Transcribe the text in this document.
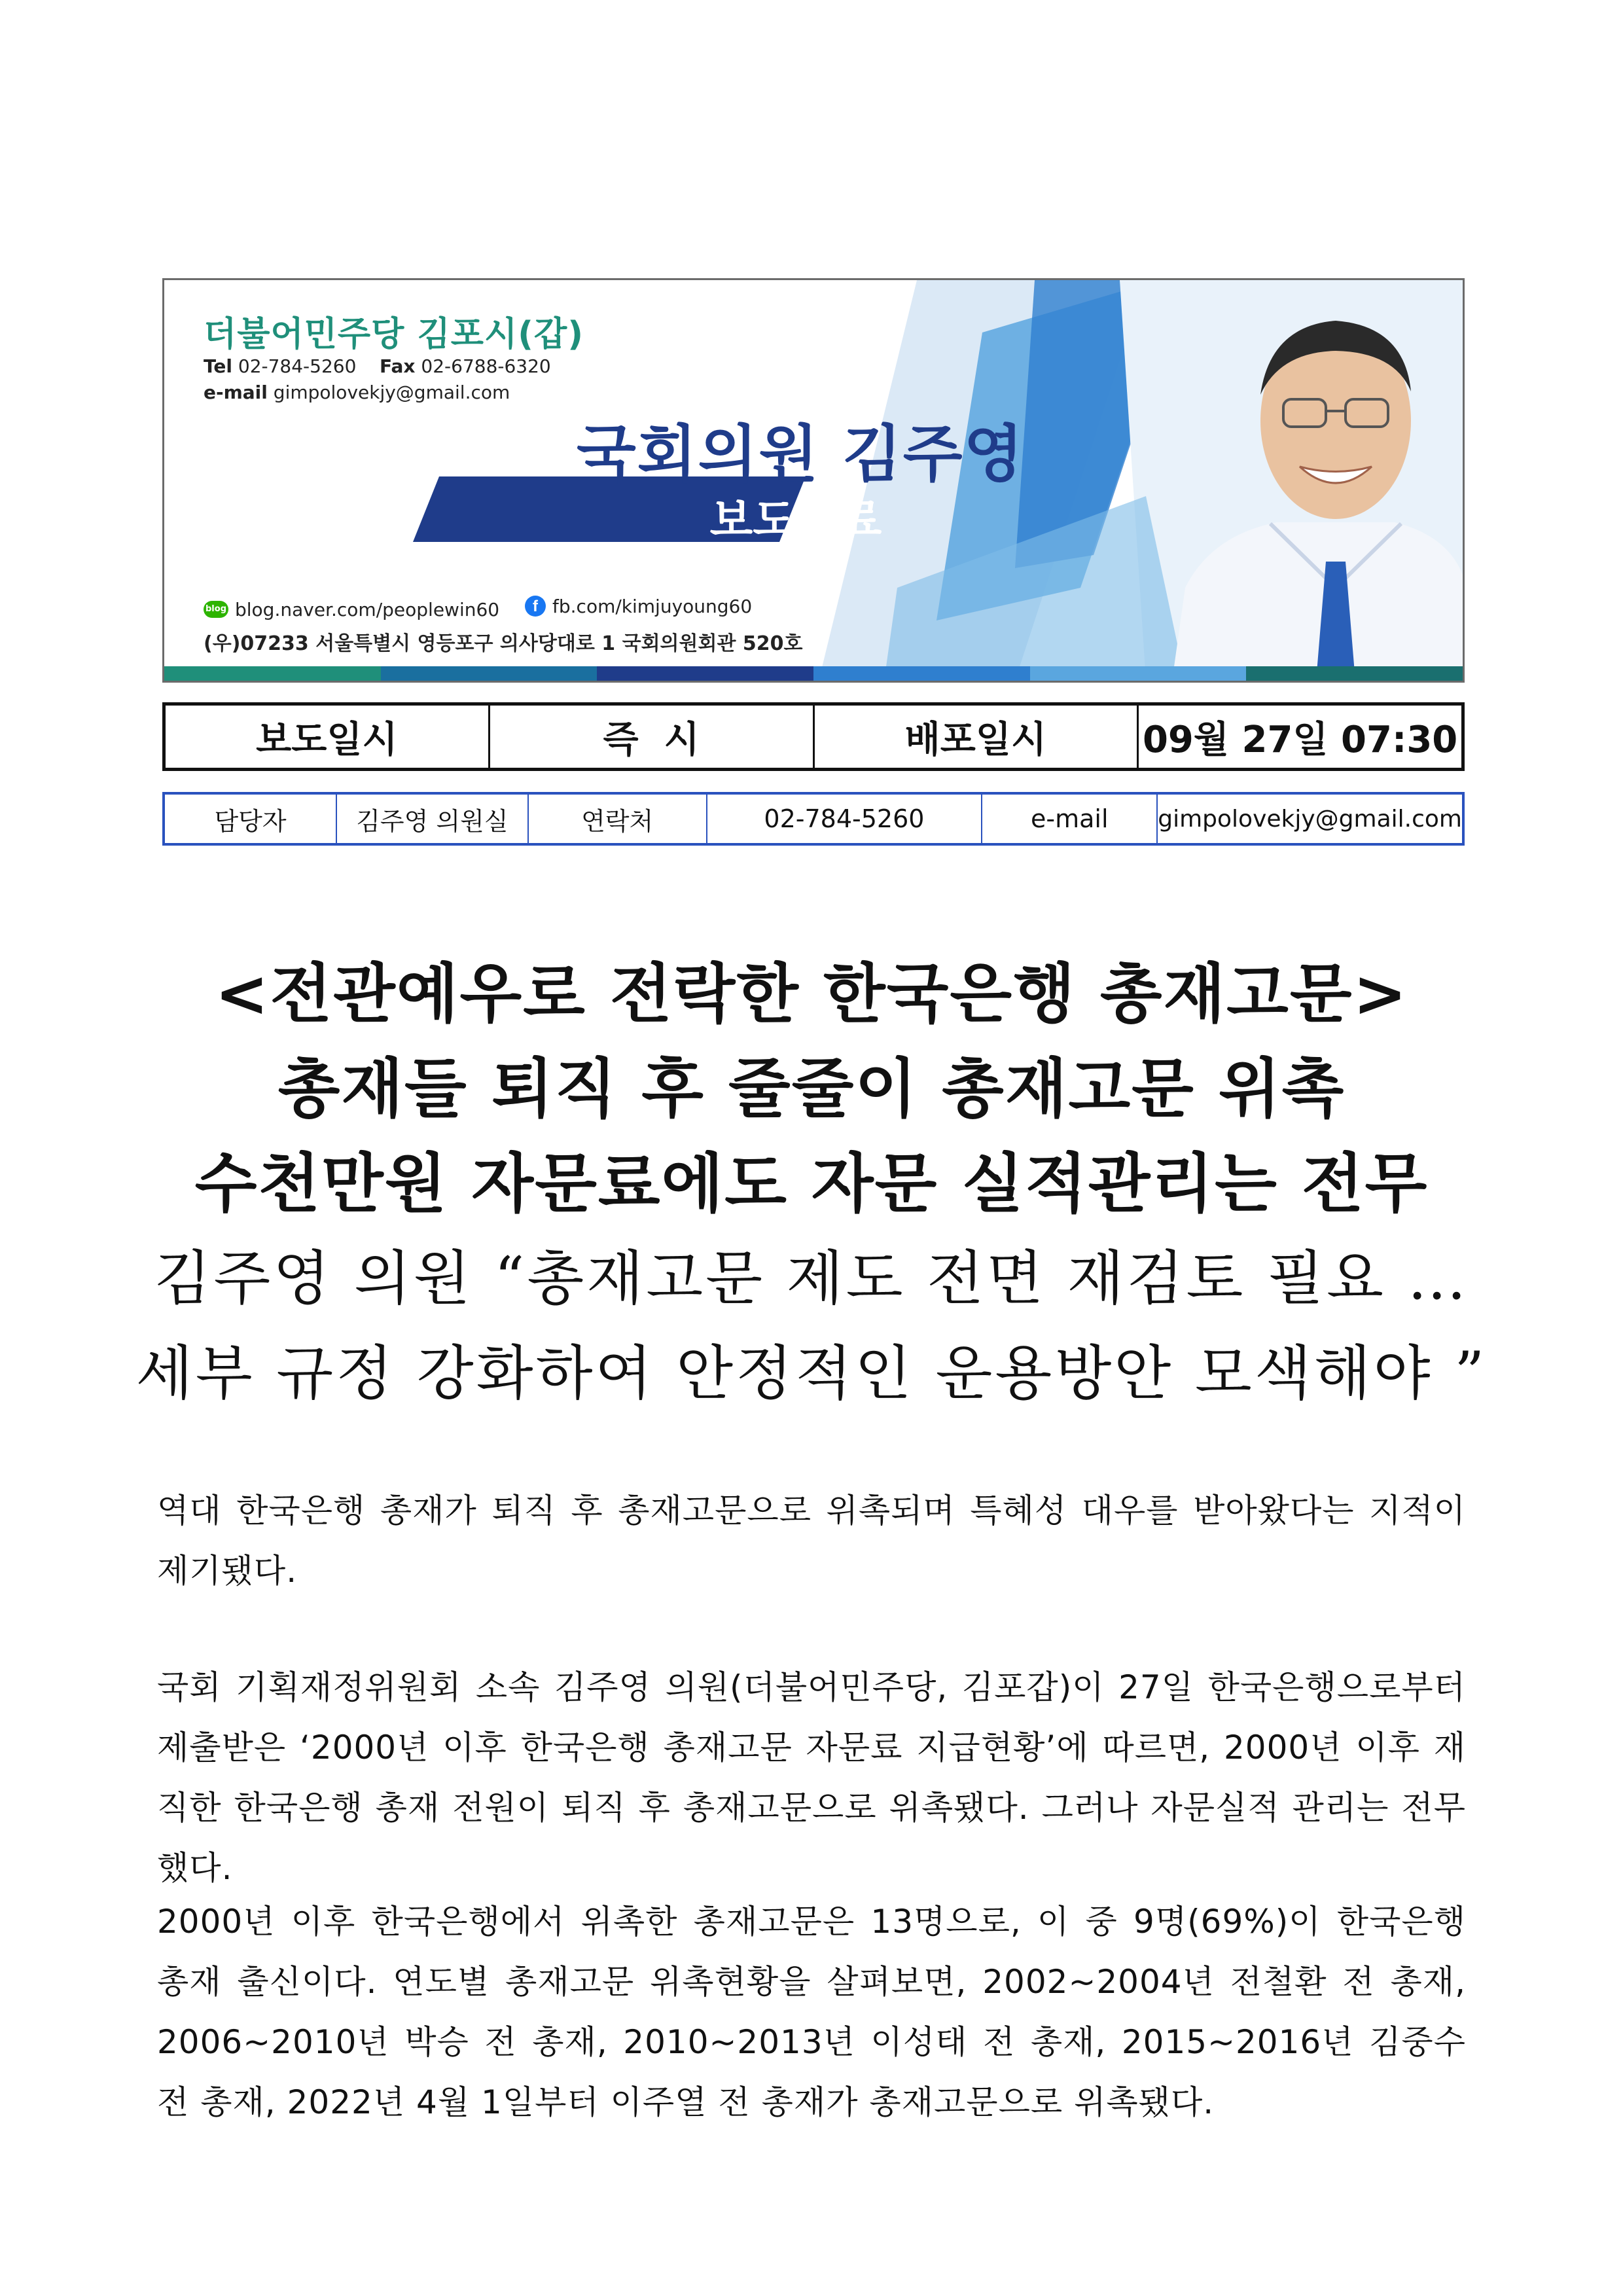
더불어민주당 김포시(갑)
Tel 02-784-5260 Fax 02-6788-6320
e-mail gimpolovekjy@gmail.com
국회의원 김주영
보도자료
blog blog.naver.com/peoplewin60
	f fb.com/kimjuyoung60
(우)07233 서울특별시 영등포구 의사당대로 1 국회의원회관 520호
보도일시	즉  시	배포일시	09월 27일 07:30
담당자	김주영 의원실	연락처	02-784-5260	e-mail	gimpolovekjy@gmail.com
<전관예우로 전락한 한국은행 총재고문>
총재들 퇴직 후 줄줄이 총재고문 위촉
수천만원 자문료에도 자문 실적관리는 전무
김주영 의원 “총재고문 제도 전면 재검토 필요 …
세부 규정 강화하여 안정적인 운용방안 모색해야 ”

역대 한국은행 총재가 퇴직 후 총재고문으로 위촉되며 특혜성 대우를 받아왔다는 지적이 제기됐다.

국회 기획재정위원회 소속 김주영 의원(더불어민주당, 김포갑)이 27일 한국은행으로부터 제출받은 ‘2000년 이후 한국은행 총재고문 자문료 지급현황’에 따르면, 2000년 이후 재직한 한국은행 총재 전원이 퇴직 후 총재고문으로 위촉됐다. 그러나 자문실적 관리는 전무했다.

2000년 이후 한국은행에서 위촉한 총재고문은 13명으로, 이 중 9명(69%)이 한국은행 총재 출신이다. 연도별 총재고문 위촉현황을 살펴보면, 2002~2004년 전철환 전 총재, 2006~2010년 박승 전 총재, 2010~2013년 이성태 전 총재, 2015~2016년 김중수 전 총재, 2022년 4월 1일부터 이주열 전 총재가 총재고문으로 위촉됐다.
